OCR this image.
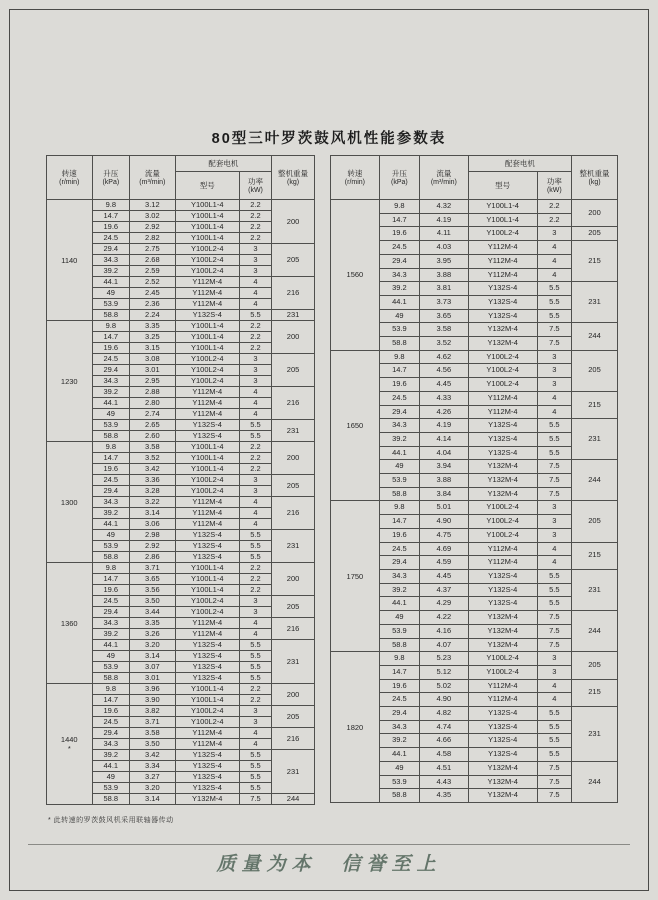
80型三叶罗茨鼓风机性能参数表
转速
(r/min)

升压
(kPa)

流量
(m³/min)

配套电机

整机重量
(kg)

			型号	功率
(kW)	

1140	9.8	3.12	Y100L1-4	2.2	200
	14.7	3.02	Y100L1-4	2.2	
	19.6	2.92	Y100L1-4	2.2	
	24.5	2.82	Y100L1-4	2.2	
	29.4	2.75	Y100L2-4	3	205
	34.3	2.68	Y100L2-4	3	
	39.2	2.59	Y100L2-4	3	
	44.1	2.52	Y112M-4	4	216
	49	2.45	Y112M-4	4	
	53.9	2.36	Y112M-4	4	
	58.8	2.24	Y132S-4	5.5	231

1230	9.8	3.35	Y100L1-4	2.2	200
	14.7	3.25	Y100L1-4	2.2	
	19.6	3.15	Y100L1-4	2.2	
	24.5	3.08	Y100L2-4	3	205
	29.4	3.01	Y100L2-4	3	
	34.3	2.95	Y100L2-4	3	
	39.2	2.88	Y112M-4	4	216
	44.1	2.80	Y112M-4	4	
	49	2.74	Y112M-4	4	
	53.9	2.65	Y132S-4	5.5	231
	58.8	2.60	Y132S-4	5.5	

1300	9.8	3.58	Y100L1-4	2.2	200
	14.7	3.52	Y100L1-4	2.2	
	19.6	3.42	Y100L1-4	2.2	
	24.5	3.36	Y100L2-4	3	205
	29.4	3.28	Y100L2-4	3	
	34.3	3.22	Y112M-4	4	216
	39.2	3.14	Y112M-4	4	
	44.1	3.06	Y112M-4	4	
	49	2.98	Y132S-4	5.5	231
	53.9	2.92	Y132S-4	5.5	
	58.8	2.86	Y132S-4	5.5	

1360	9.8	3.71	Y100L1-4	2.2	200
	14.7	3.65	Y100L1-4	2.2	
	19.6	3.56	Y100L1-4	2.2	
	24.5	3.50	Y100L2-4	3	205
	29.4	3.44	Y100L2-4	3	
	34.3	3.35	Y112M-4	4	216
	39.2	3.26	Y112M-4	4	
	44.1	3.20	Y132S-4	5.5	231
	49	3.14	Y132S-4	5.5	
	53.9	3.07	Y132S-4	5.5	
	58.8	3.01	Y132S-4	5.5	

1440
*	9.8	3.96	Y100L1-4	2.2	200
	14.7	3.90	Y100L1-4	2.2	
	19.6	3.82	Y100L2-4	3	205
	24.5	3.71	Y100L2-4	3	
	29.4	3.58	Y112M-4	4	216
	34.3	3.50	Y112M-4	4	
	39.2	3.42	Y132S-4	5.5	231
	44.1	3.34	Y132S-4	5.5	
	49	3.27	Y132S-4	5.5	
	53.9	3.20	Y132S-4	5.5	
	58.8	3.14	Y132M-4	7.5	244
转速
(r/min)

升压
(kPa)

流量
(m³/min)

配套电机

整机重量
(kg)

			型号	功率
(kW)	

1560	9.8	4.32	Y100L1-4	2.2	200
	14.7	4.19	Y100L1-4	2.2	
	19.6	4.11	Y100L2-4	3	205
	24.5	4.03	Y112M-4	4	215
	29.4	3.95	Y112M-4	4	
	34.3	3.88	Y112M-4	4	
	39.2	3.81	Y132S-4	5.5	231
	44.1	3.73	Y132S-4	5.5	
	49	3.65	Y132S-4	5.5	
	53.9	3.58	Y132M-4	7.5	244
	58.8	3.52	Y132M-4	7.5	

1650	9.8	4.62	Y100L2-4	3	205
	14.7	4.56	Y100L2-4	3	
	19.6	4.45	Y100L2-4	3	
	24.5	4.33	Y112M-4	4	215
	29.4	4.26	Y112M-4	4	
	34.3	4.19	Y132S-4	5.5	231
	39.2	4.14	Y132S-4	5.5	
	44.1	4.04	Y132S-4	5.5	
	49	3.94	Y132M-4	7.5	244
	53.9	3.88	Y132M-4	7.5	
	58.8	3.84	Y132M-4	7.5	

1750	9.8	5.01	Y100L2-4	3	205
	14.7	4.90	Y100L2-4	3	
	19.6	4.75	Y100L2-4	3	
	24.5	4.69	Y112M-4	4	215
	29.4	4.59	Y112M-4	4	
	34.3	4.45	Y132S-4	5.5	231
	39.2	4.37	Y132S-4	5.5	
	44.1	4.29	Y132S-4	5.5	
	49	4.22	Y132M-4	7.5	244
	53.9	4.16	Y132M-4	7.5	
	58.8	4.07	Y132M-4	7.5	

1820	9.8	5.23	Y100L2-4	3	205
	14.7	5.12	Y100L2-4	3	
	19.6	5.02	Y112M-4	4	215
	24.5	4.90	Y112M-4	4	
	29.4	4.82	Y132S-4	5.5	231
	34.3	4.74	Y132S-4	5.5	
	39.2	4.66	Y132S-4	5.5	
	44.1	4.58	Y132S-4	5.5	
	49	4.51	Y132M-4	7.5	244
	53.9	4.43	Y132M-4	7.5	
	58.8	4.35	Y132M-4	7.5	
* 此转速的罗茨鼓风机采用联轴器传动
质量为本　信誉至上
